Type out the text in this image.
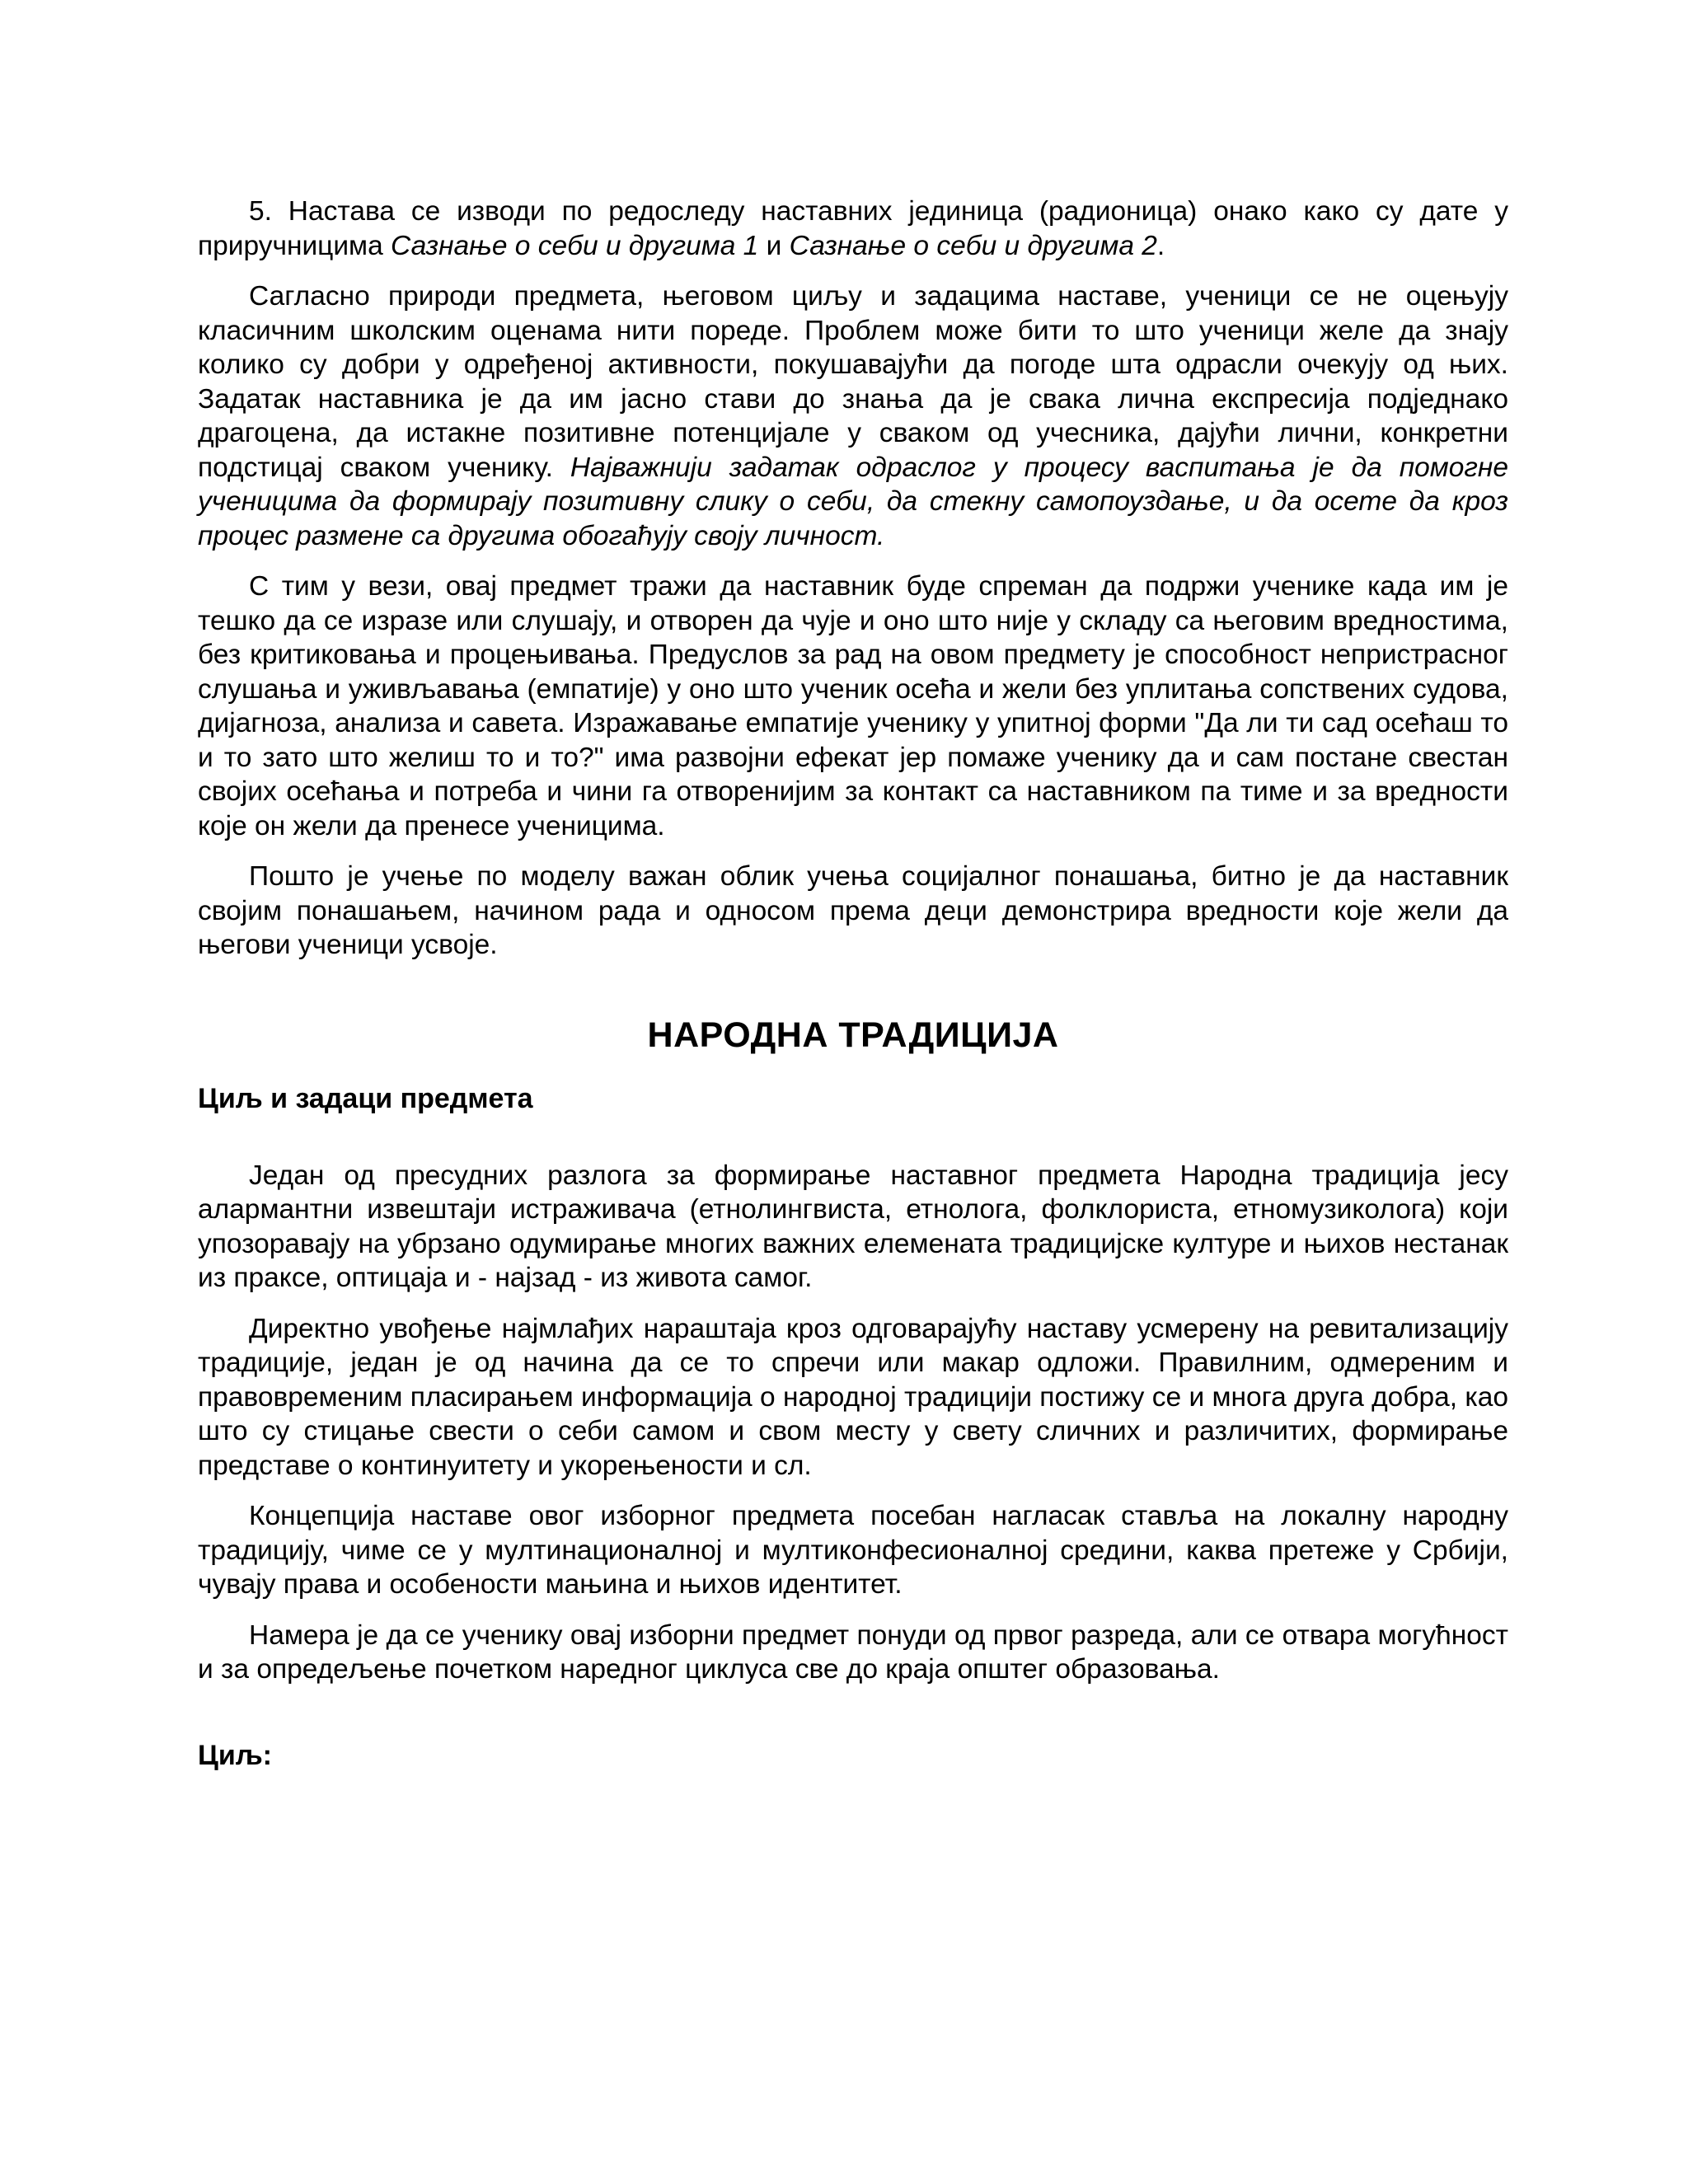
5. Настава се изводи по редоследу наставних јединица (радионица) онако како су дате у приручницима Сазнање о себи и другима 1 и Сазнање о себи и другима 2.

Сагласно природи предмета, његовом циљу и задацима наставе, ученици се не оцењују класичним школским оценама нити пореде. Проблем може бити то што ученици желе да знају колико су добри у одређеној активности, покушавајући да погоде шта одрасли очекују од њих. Задатак наставника је да им јасно стави до знања да је свака лична експресија подједнако драгоцена, да истакне позитивне потенцијале у сваком од учесника, дајући лични, конкретни подстицај сваком ученику. Најважнији задатак одраслог у процесу васпитања је да помогне ученицима да формирају позитивну слику о себи, да стекну самопоуздање, и да осете да кроз процес размене са другима обогаћују своју личност.

С тим у вези, овај предмет тражи да наставник буде спреман да подржи ученике када им је тешко да се изразе или слушају, и отворен да чује и оно што није у складу са његовим вредностима, без критиковања и процењивања. Предуслов за рад на овом предмету је способност непристрасног слушања и уживљавања (емпатије) у оно што ученик осећа и жели без уплитања сопствених судова, дијагноза, анализа и савета. Изражавање емпатије ученику у упитној форми "Да ли ти сад осећаш то и то зато што желиш то и то?" има развојни ефекат јер помаже ученику да и сам постане свестан својих осећања и потреба и чини га отворенијим за контакт са наставником па тиме и за вредности које он жели да пренесе ученицима.

Пошто је учење по моделу важан облик учења социјалног понашања, битно је да наставник својим понашањем, начином рада и односом према деци демонстрира вредности које жели да његови ученици усвоје.

НАРОДНА ТРАДИЦИЈА
Циљ и задаци предмета

Један од пресудних разлога за формирање наставног предмета Народна традиција јесу алармантни извештаји истраживача (етнолингвиста, етнолога, фолклориста, етномузиколога) који упозоравају на убрзано одумирање многих важних елемената традицијске културе и њихов нестанак из праксе, оптицаја и - најзад - из живота самог.

Директно увођење најмлађих нараштаја кроз одговарајућу наставу усмерену на ревитализацију традиције, један је од начина да се то спречи или макар одложи. Правилним, одмереним и правовременим пласирањем информација о народној традицији постижу се и многа друга добра, као што су стицање свести о себи самом и свом месту у свету сличних и различитих, формирање представе о континуитету и укорењености и сл.

Концепција наставе овог изборног предмета посебан нагласак ставља на локалну народну традицију, чиме се у мултинационалној и мултиконфесионалној средини, каква претеже у Србији, чувају права и особености мањина и њихов идентитет.

Намера је да се ученику овај изборни предмет понуди од првог разреда, али се отвара могућност и за опредељење почетком наредног циклуса све до краја општег образовања.

Циљ:
